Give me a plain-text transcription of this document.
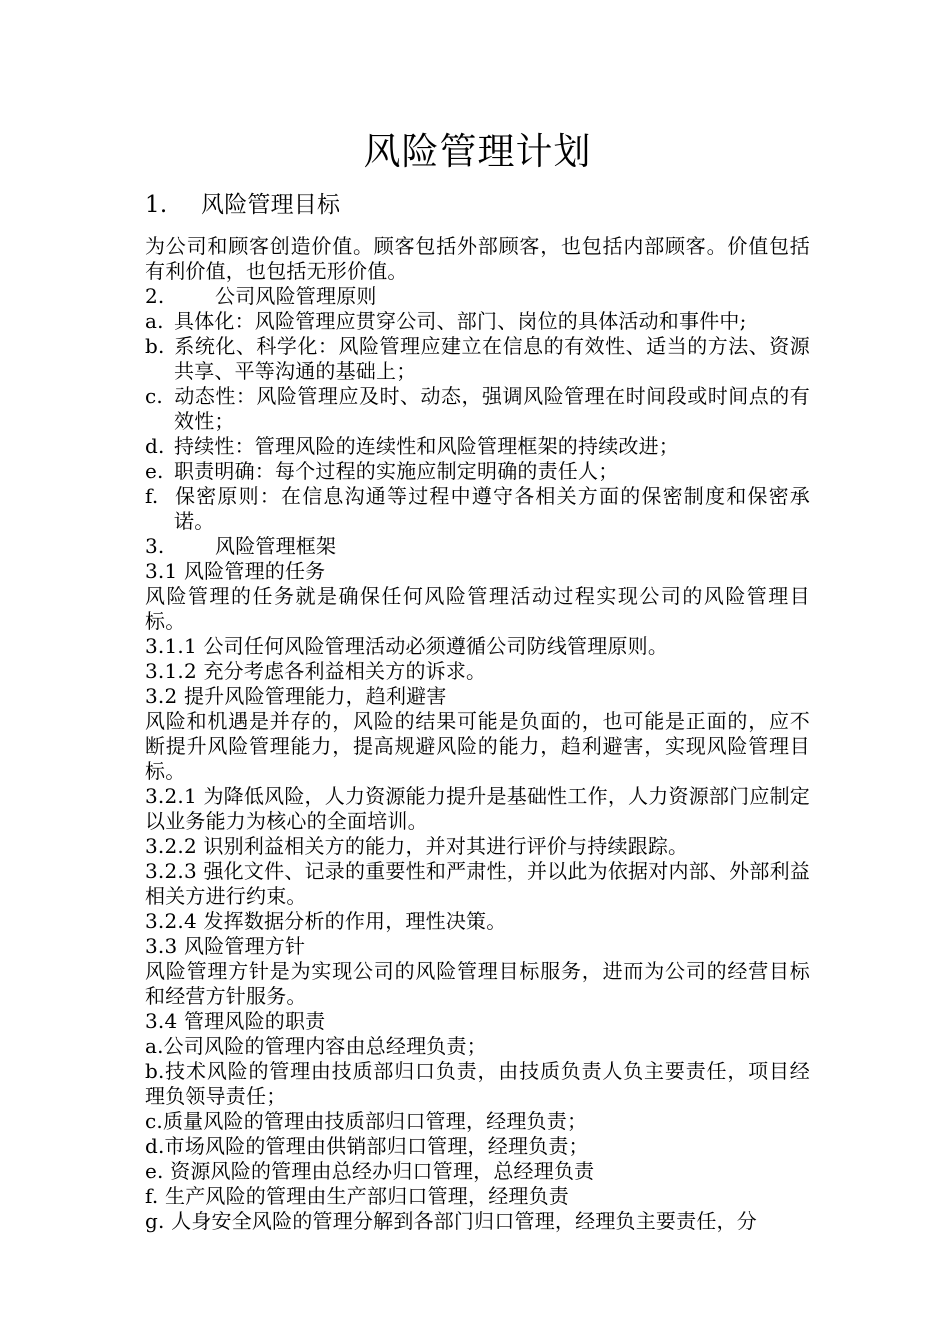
风险管理计划
1. 风险管理目标

为公司和顾客创造价值。顾客包括外部顾客，也包括内部顾客。价值包括有利价值，也包括无形价值。

2.	公司风险管理原则

a. 具体化：风险管理应贯穿公司、部门、岗位的具体活动和事件中;
b. 系统化、科学化：风险管理应建立在信息的有效性、适当的方法、资源共享、平等沟通的基础上；
c. 动态性：风险管理应及时、动态，强调风险管理在时间段或时间点的有效性；
d. 持续性：管理风险的连续性和风险管理框架的持续改进；
e. 职责明确：每个过程的实施应制定明确的责任人；
f. 保密原则：在信息沟通等过程中遵守各相关方面的保密制度和保密承诺。

3.	风险管理框架

3.1 风险管理的任务

风险管理的任务就是确保任何风险管理活动过程实现公司的风险管理目标。

3.1.1 公司任何风险管理活动必须遵循公司防线管理原则。

3.1.2 充分考虑各利益相关方的诉求。

3.2 提升风险管理能力，趋利避害

风险和机遇是并存的，风险的结果可能是负面的，也可能是正面的，应不断提升风险管理能力，提高规避风险的能力，趋利避害，实现风险管理目标。

3.2.1 为降低风险，人力资源能力提升是基础性工作，人力资源部门应制定以业务能力为核心的全面培训。

3.2.2 识别利益相关方的能力，并对其进行评价与持续跟踪。

3.2.3 强化文件、记录的重要性和严肃性，并以此为依据对内部、外部利益相关方进行约束。

3.2.4 发挥数据分析的作用，理性决策。

3.3 风险管理方针

风险管理方针是为实现公司的风险管理目标服务，进而为公司的经营目标和经营方针服务。

3.4 管理风险的职责

a.公司风险的管理内容由总经理负责；

b.技术风险的管理由技质部归口负责，由技质负责人负主要责任，项目经理负领导责任；

c.质量风险的管理由技质部归口管理，经理负责；

d.市场风险的管理由供销部归口管理，经理负责；

e. 资源风险的管理由总经办归口管理，总经理负责

f. 生产风险的管理由生产部归口管理，经理负责

g. 人身安全风险的管理分解到各部门归口管理，经理负主要责任，分
